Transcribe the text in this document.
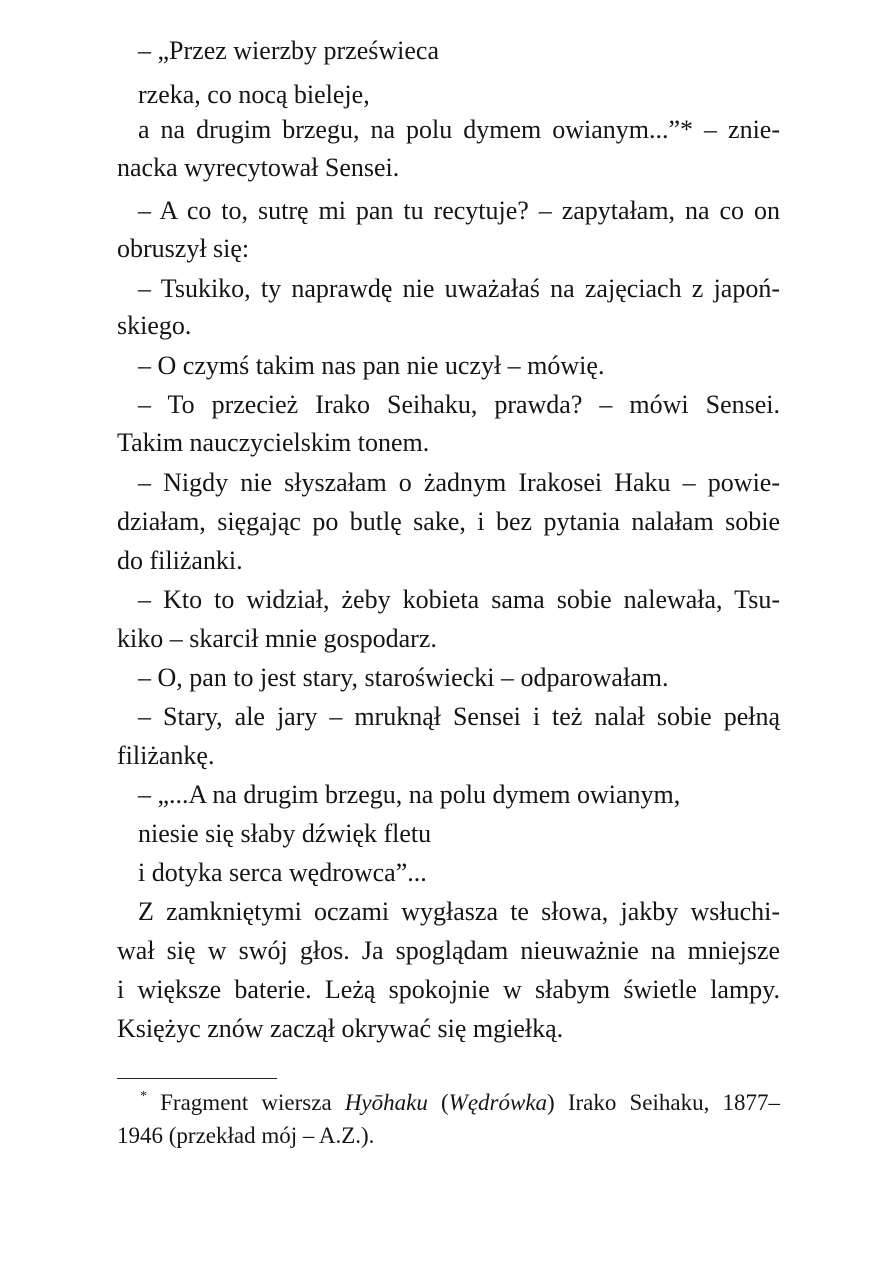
– „Przez wierzby prześwieca
rzeka, co nocą bieleje,
a na drugim brzegu, na polu dymem owianym...”* – znie-
nacka wyrecytował Sensei.
– A co to, sutrę mi pan tu recytuje? – zapytałam, na co on
obruszył się:
– Tsukiko, ty naprawdę nie uważałaś na zajęciach z japoń-
skiego.
– O czymś takim nas pan nie uczył – mówię.
– To przecież Irako Seihaku, prawda? – mówi Sensei.
Takim nauczycielskim tonem.
– Nigdy nie słyszałam o żadnym Irakosei Haku – powie-
działam, sięgając po butlę sake, i bez pytania nalałam sobie
do filiżanki.
– Kto to widział, żeby kobieta sama sobie nalewała, Tsu-
kiko – skarcił mnie gospodarz.
– O, pan to jest stary, staroświecki – odparowałam.
– Stary, ale jary – mruknął Sensei i też nalał sobie pełną
filiżankę.
– „...A na drugim brzegu, na polu dymem owianym,
niesie się słaby dźwięk fletu
i dotyka serca wędrowca”...
Z zamkniętymi oczami wygłasza te słowa, jakby wsłuchi-
wał się w swój głos. Ja spoglądam nieuważnie na mniejsze
i większe baterie. Leżą spokojnie w słabym świetle lampy.
Księżyc znów zaczął okrywać się mgiełką.
* Fragment wiersza Hyōhaku (Wędrówka) Irako Seihaku, 1877–
1946 (przekład mój – A.Z.).
